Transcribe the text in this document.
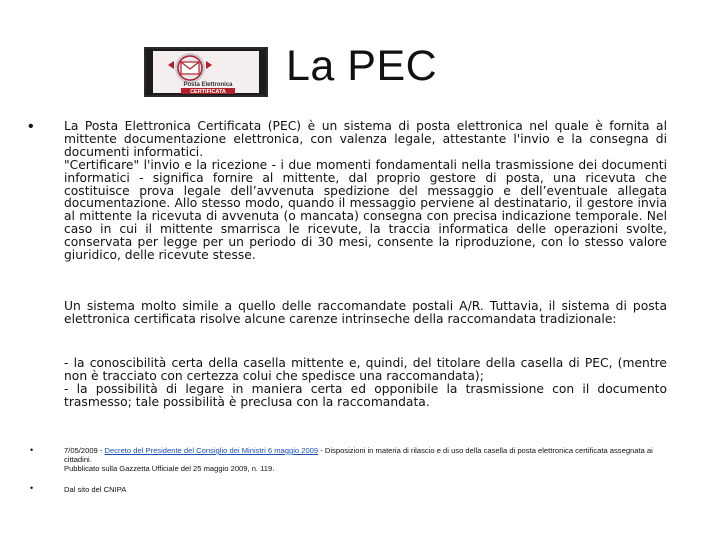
Posta Elettronica
CERTIFICATA
La PEC
• La Posta Elettronica Certificata (PEC) è un sistema di posta elettronica nel quale è fornita al mittente documentazione elettronica, con valenza legale, attestante l'invio e la consegna di documenti informatici.
"Certificare" l'invio e la ricezione - i due momenti fondamentali nella trasmissione dei documenti informatici - significa fornire al mittente, dal proprio gestore di posta, una ricevuta che costituisce prova legale dell’avvenuta spedizione del messaggio e dell’eventuale allegata documentazione. Allo stesso modo, quando il messaggio perviene al destinatario, il gestore invia al mittente la ricevuta di avvenuta (o mancata) consegna con precisa indicazione temporale. Nel caso in cui il mittente smarrisca le ricevute, la traccia informatica delle operazioni svolte, conservata per legge per un periodo di 30 mesi, consente la riproduzione, con lo stesso valore giuridico, delle ricevute stesse.
Un sistema molto simile a quello delle raccomandate postali A/R. Tuttavia, il sistema di posta elettronica certificata risolve alcune carenze intrinseche della raccomandata tradizionale:
- la conoscibilità certa della casella mittente e, quindi, del titolare della casella di PEC, (mentre non è tracciato con certezza colui che spedisce una raccomandata);
- la possibilità di legare in maniera certa ed opponibile la trasmissione con il documento trasmesso; tale possibilità è preclusa con la raccomandata.
•	7/05/2009 - Decreto del Presidente del Consiglio dei Ministri 6 maggio 2009 - Disposizioni in materia di rilascio e di uso della casella di posta elettronica certificata assegnata ai cittadini.
Pubblicato sulla Gazzetta Ufficiale del 25 maggio 2009, n. 119.
•	Dal sito del CNIPA
